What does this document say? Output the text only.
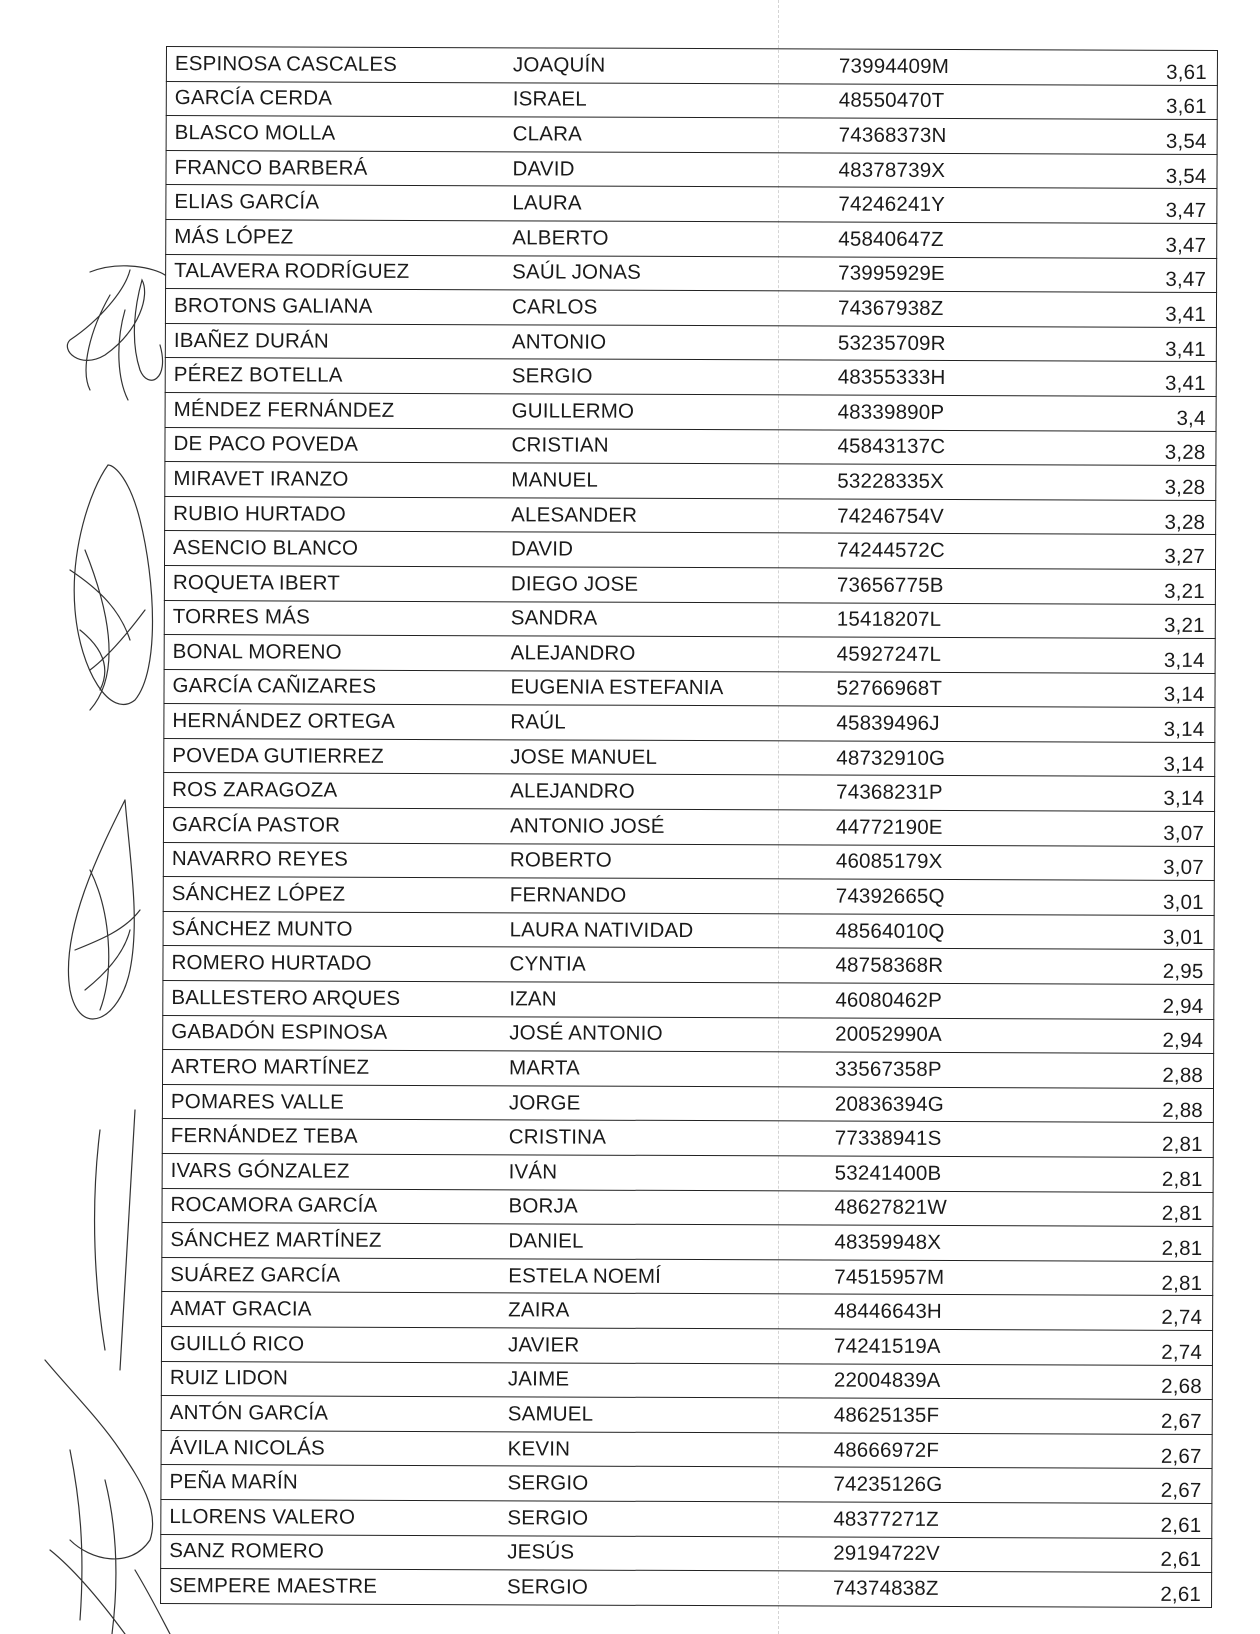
ESPINOSA CASCALES	JOAQUÍN	73994409M	3,61
GARCÍA CERDA	ISRAEL	48550470T	3,61
BLASCO MOLLA	CLARA	74368373N	3,54
FRANCO BARBERÁ	DAVID	48378739X	3,54
ELIAS GARCÍA	LAURA	74246241Y	3,47
MÁS LÓPEZ	ALBERTO	45840647Z	3,47
TALAVERA RODRÍGUEZ	SAÚL JONAS	73995929E	3,47
BROTONS GALIANA	CARLOS	74367938Z	3,41
IBAÑEZ DURÁN	ANTONIO	53235709R	3,41
PÉREZ BOTELLA	SERGIO	48355333H	3,41
MÉNDEZ FERNÁNDEZ	GUILLERMO	48339890P	3,4
DE PACO POVEDA	CRISTIAN	45843137C	3,28
MIRAVET IRANZO	MANUEL	53228335X	3,28
RUBIO HURTADO	ALESANDER	74246754V	3,28
ASENCIO BLANCO	DAVID	74244572C	3,27
ROQUETA IBERT	DIEGO JOSE	73656775B	3,21
TORRES MÁS	SANDRA	15418207L	3,21
BONAL MORENO	ALEJANDRO	45927247L	3,14
GARCÍA CAÑIZARES	EUGENIA ESTEFANIA	52766968T	3,14
HERNÁNDEZ ORTEGA	RAÚL	45839496J	3,14
POVEDA GUTIERREZ	JOSE MANUEL	48732910G	3,14
ROS ZARAGOZA	ALEJANDRO	74368231P	3,14
GARCÍA PASTOR	ANTONIO JOSÉ	44772190E	3,07
NAVARRO REYES	ROBERTO	46085179X	3,07
SÁNCHEZ LÓPEZ	FERNANDO	74392665Q	3,01
SÁNCHEZ MUNTO	LAURA NATIVIDAD	48564010Q	3,01
ROMERO HURTADO	CYNTIA	48758368R	2,95
BALLESTERO ARQUES	IZAN	46080462P	2,94
GABADÓN ESPINOSA	JOSÉ ANTONIO	20052990A	2,94
ARTERO MARTÍNEZ	MARTA	33567358P	2,88
POMARES VALLE	JORGE	20836394G	2,88
FERNÁNDEZ TEBA	CRISTINA	77338941S	2,81
IVARS GÓNZALEZ	IVÁN	53241400B	2,81
ROCAMORA GARCÍA	BORJA	48627821W	2,81
SÁNCHEZ MARTÍNEZ	DANIEL	48359948X	2,81
SUÁREZ GARCÍA	ESTELA NOEMÍ	74515957M	2,81
AMAT GRACIA	ZAIRA	48446643H	2,74
GUILLÓ RICO	JAVIER	74241519A	2,74
RUIZ LIDON	JAIME	22004839A	2,68
ANTÓN GARCÍA	SAMUEL	48625135F	2,67
ÁVILA NICOLÁS	KEVIN	48666972F	2,67
PEÑA MARÍN	SERGIO	74235126G	2,67
LLORENS VALERO	SERGIO	48377271Z	2,61
SANZ ROMERO	JESÚS	29194722V	2,61
SEMPERE MAESTRE	SERGIO	74374838Z	2,61
